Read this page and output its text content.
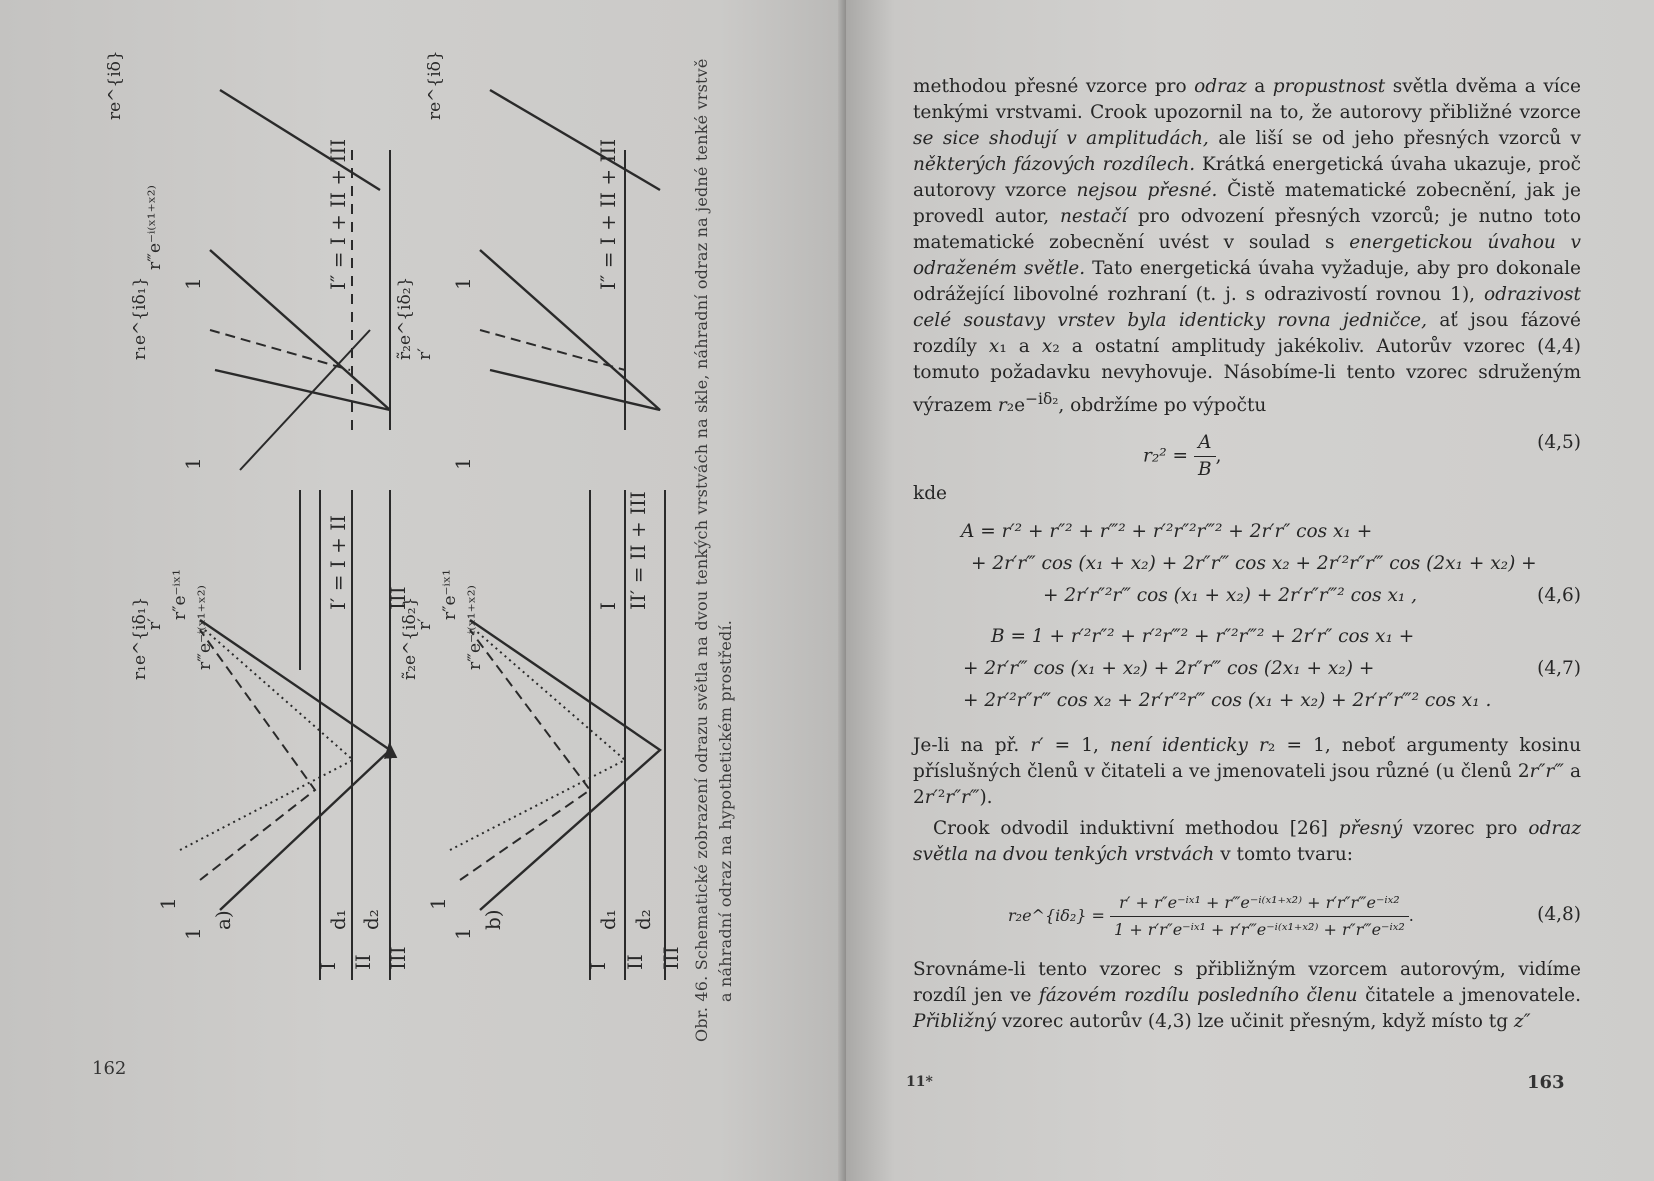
a)
I II III
d₁ d₂
1
1
1
1
r′
r″e⁻ⁱˣ¹ r‴e⁻ⁱ⁽ˣ¹⁺ˣ²⁾
r₁e^{iδ₁}
r₁e^{iδ₁}
r‴e⁻ⁱ⁽ˣ¹⁺ˣ²⁾
re^{iδ}
I′ = I + II
I″ = I + II + III
III
b)
I II III
d₁ d₂
1
1
1
1
r′
r″e⁻ⁱˣ¹ r‴e⁻ⁱ⁽ˣ¹⁺ˣ²⁾
r̃₂e^{iδ₂}
r′
r̃₂e^{iδ₂}
re^{iδ}
I II′ = II + III
I″ = I + II + III	Obr. 46. Schematické zobrazení odrazu světla na dvou tenkých vrstvách na skle, náhradní odraz na jedné tenké vrstvě a náhradní odraz na hypothetickém prostředí.
162
methodou přesné vzorce pro odraz a propustnost světla dvěma a více tenkými vrstvami. Crook upozornil na to, že autorovy přibližné vzorce se sice shodují v amplitudách, ale liší se od jeho přesných vzorců v některých fázových rozdílech. Krátká energetická úvaha ukazuje, proč autorovy vzorce nejsou přesné. Čistě matematické zobecnění, jak je provedl autor, nestačí pro odvození přesných vzorců; je nutno toto matematické zobecnění uvést v soulad s energetickou úvahou v odraženém světle. Tato energetická úvaha vyžaduje, aby pro dokonale odrážející libovolné rozhraní (t. j. s odrazivostí rovnou 1), odrazivost celé soustavy vrstev byla identicky rovna jedničce, ať jsou fázové rozdíly x₁ a x₂ a ostatní amplitudy jakékoliv. Autorův vzorec (4,4) tomuto požadavku nevyhovuje. Násobíme-li tento vzorec sdruženým výrazem $r_2e^{-i\delta_2}$, obdržíme po výpočtu
$r_2^2 = \frac{A}{B}$ ,
(4,5)
kde
A = r′² + r″² + r‴² + r′²r″²r‴² + 2r′r″ cos x₁ +
+ 2r′r‴ cos (x₁ + x₂) + 2r″r‴ cos x₂ + 2r′²r″r‴ cos (2x₁ + x₂) +
+ 2r′r″²r‴ cos (x₁ + x₂) + 2r′r″r‴² cos x₁ ,	(4,6)
B = 1 + r′²r″² + r′²r‴² + r″²r‴² + 2r′r″ cos x₁ +
+ 2r′r‴ cos (x₁ + x₂) + 2r″r‴ cos (2x₁ + x₂) +	(4,7)
+ 2r′²r″r‴ cos x₂ + 2r′r″²r‴ cos (x₁ + x₂) + 2r′r″r‴² cos x₁ .
Je-li na př. r′ = 1, není identicky r₂ = 1, neboť argumenty kosinu příslušných členů v čitateli a ve jmenovateli jsou různé (u členů 2r″r‴ a 2r′²r″r‴).
Crook odvodil induktivní methodou [26] přesný vzorec pro odraz světla na dvou tenkých vrstvách v tomto tvaru:
r₂e^{iδ₂} = $\frac{\text{r′ + r″e⁻ⁱˣ¹ + r‴e⁻ⁱ⁽ˣ¹⁺ˣ²⁾ + r′r″r‴e⁻ⁱˣ²}}{\text{1 + r′r″e⁻ⁱˣ¹ + r′r‴e⁻ⁱ⁽ˣ¹⁺ˣ²⁾ + r″r‴e⁻ⁱˣ²}}$ .	(4,8)
Srovnáme-li tento vzorec s přibližným vzorcem autorovým, vidíme rozdíl jen ve fázovém rozdílu posledního členu čitatele a jmenovatele. Přibližný vzorec autorův (4,3) lze učinit přesným, když místo tg z″
11*	163
